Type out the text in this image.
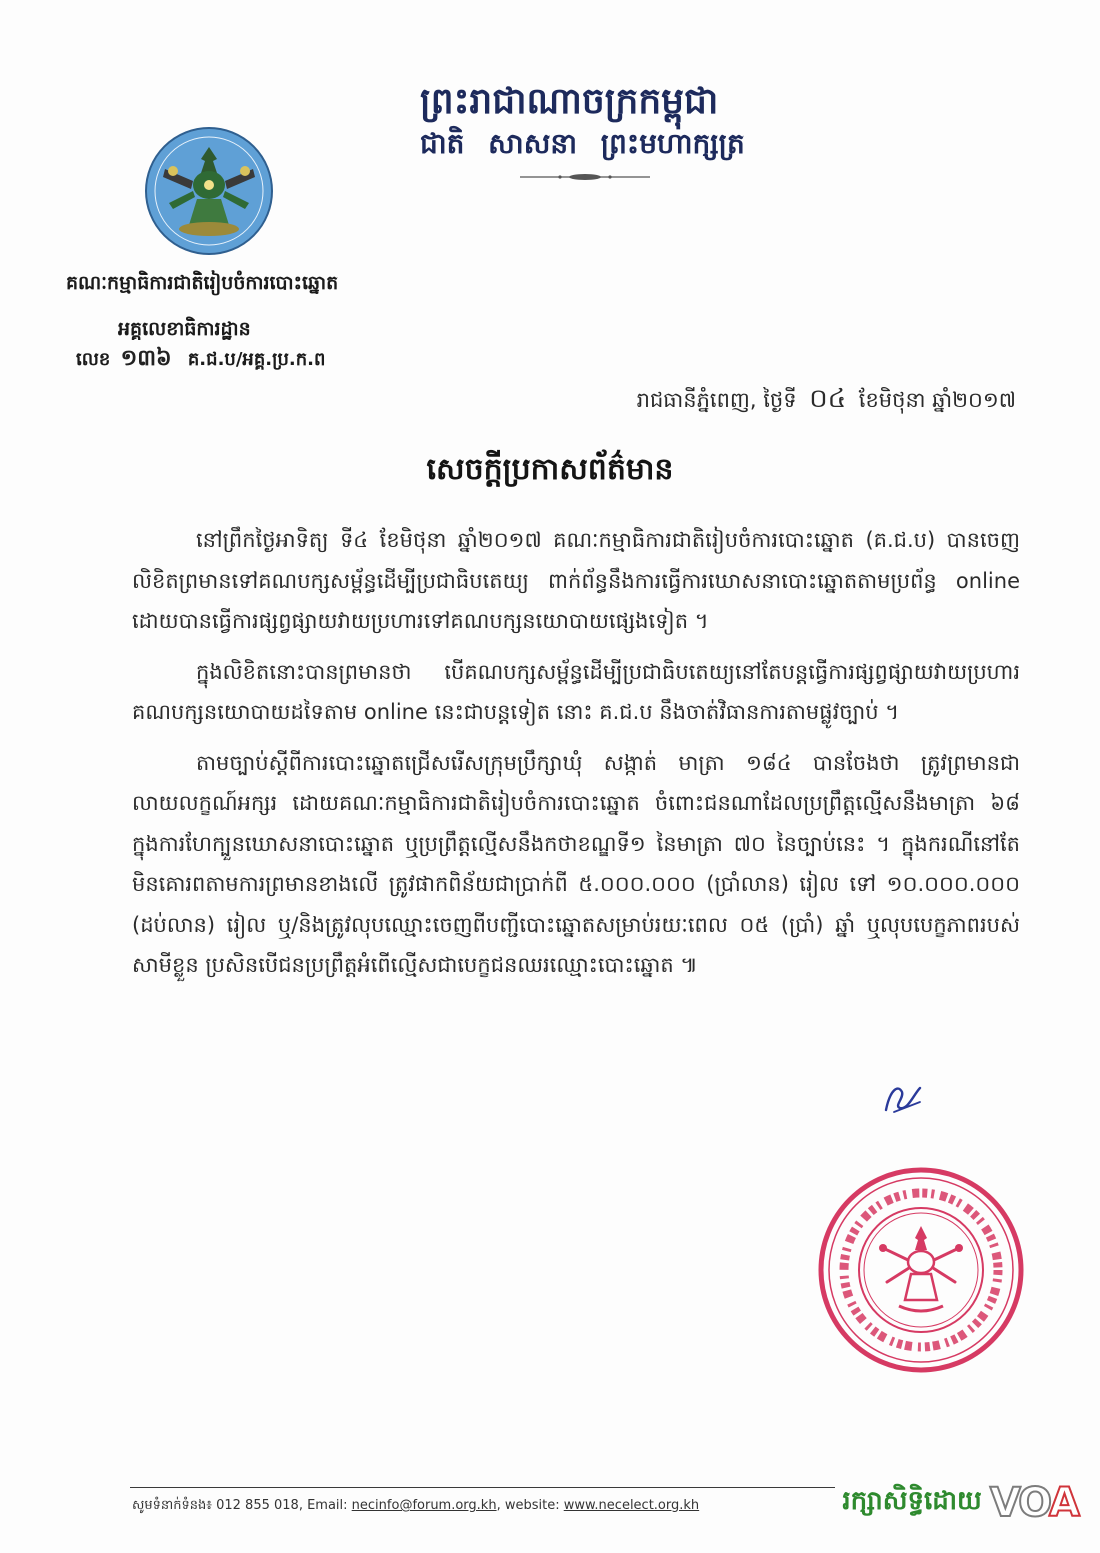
ព្រះរាជាណាចក្រកម្ពុជា
ជាតិ សាសនា ព្រះមហាក្សត្រ
គណៈកម្មាធិការជាតិរៀបចំការបោះឆ្នោត
អគ្គលេខាធិការដ្ឋាន
លេខ ១៣៦ គ.ជ.ប/អគ្គ.ប្រ.ក.ព
រាជធានីភ្នំពេញ, ថ្ងៃទី ០៤ ខែមិថុនា ឆ្នាំ២០១៧
សេចក្តីប្រកាសព័ត៌មាន

នៅព្រឹកថ្ងៃអាទិត្យ ទី៤ ខែមិថុនា ឆ្នាំ២០១៧ គណៈកម្មាធិការជាតិរៀបចំការបោះឆ្នោត (គ.ជ.ប) បានចេញលិខិតព្រមានទៅគណបក្សសម្ព័ន្ធដើម្បីប្រជាធិបតេយ្យ ពាក់ព័ន្ធនឹងការធ្វើការឃោសនាបោះឆ្នោតតាមប្រព័ន្ធ online ដោយបានធ្វើការផ្សព្វផ្សាយវាយប្រហារទៅគណបក្សនយោបាយផ្សេងទៀត ។

ក្នុងលិខិតនោះបានព្រមានថា បើគណបក្សសម្ព័ន្ធដើម្បីប្រជាធិបតេយ្យនៅតែបន្តធ្វើការផ្សព្វផ្សាយវាយប្រហារគណបក្សនយោបាយដទៃតាម online នេះជាបន្តទៀត នោះ គ.ជ.ប នឹងចាត់វិធានការតាមផ្លូវច្បាប់ ។

តាមច្បាប់ស្តីពីការបោះឆ្នោតជ្រើសរើសក្រុមប្រឹក្សាឃុំ សង្កាត់ មាត្រា ១៨៤ បានចែងថា ត្រូវព្រមានជាលាយលក្ខណ៍អក្សរ ដោយគណៈកម្មាធិការជាតិរៀបចំការបោះឆ្នោត ចំពោះជនណាដែលប្រព្រឹត្តល្មើសនឹងមាត្រា ៦៨ ក្នុងការហែក្បួនឃោសនាបោះឆ្នោត ឬប្រព្រឹត្តល្មើសនឹងកថាខណ្ឌទី១ នៃមាត្រា ៧០ នៃច្បាប់នេះ ។ ក្នុងករណីនៅតែមិនគោរពតាមការព្រមានខាងលើ ត្រូវផាកពិន័យជាប្រាក់ពី ៥.០០០.០០០ (ប្រាំលាន) រៀល ទៅ ១០.០០០.០០០ (ដប់លាន) រៀល ឬ/និងត្រូវលុបឈ្មោះចេញពីបញ្ជីបោះឆ្នោតសម្រាប់រយៈពេល ០៥ (ប្រាំ) ឆ្នាំ ឬលុបបេក្ខភាពរបស់សាមីខ្លួន ប្រសិនបើជនប្រព្រឹត្តអំពើល្មើសជាបេក្ខជនឈរឈ្មោះបោះឆ្នោត ៕

សូមទំនាក់ទំនង៖ 012 855 018, Email: necinfo@forum.org.kh, website: www.necelect.org.kh	រក្សាសិទ្ធិដោយ VOA
